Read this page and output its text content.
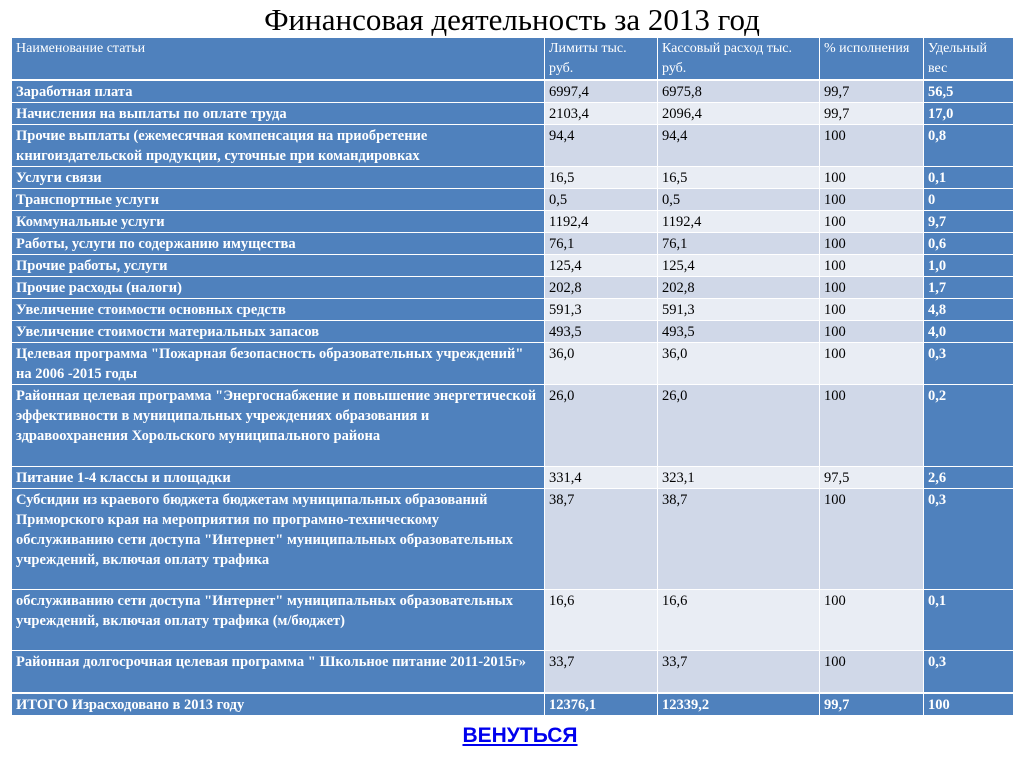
Финансовая деятельность за 2013 год
Наименование статьи	Лимиты тыс. руб.	Кассовый расход тыс. руб.	% исполнения	Удельный вес
Заработная плата	6997,4	6975,8	99,7	56,5
Начисления на выплаты по оплате труда	2103,4	2096,4	99,7	17,0
Прочие выплаты (ежемесячная компенсация на приобретение книгоиздательской продукции, суточные при командировках	94,4	94,4	100	0,8
Услуги связи	16,5	16,5	100	0,1
Транспортные услуги	0,5	0,5	100	0
Коммунальные услуги	1192,4	1192,4	100	9,7
Работы, услуги по содержанию имущества	76,1	76,1	100	0,6
Прочие работы, услуги	125,4	125,4	100	1,0
Прочие расходы (налоги)	202,8	202,8	100	1,7
Увеличение стоимости основных средств	591,3	591,3	100	4,8
Увеличение стоимости материальных запасов	493,5	493,5	100	4,0
Целевая программа "Пожарная безопасность образовательных учреждений" на 2006 -2015 годы	36,0	36,0	100	0,3
Районная целевая программа "Энергоснабжение и повышение энергетической эффективности в муниципальных учреждениях образования и здравоохранения Хорольского муниципального района	26,0	26,0	100	0,2
Питание 1-4 классы и площадки	331,4	323,1	97,5	2,6
Субсидии из краевого бюджета бюджетам муниципальных образований Приморского края на мероприятия по програмно-техническому обслуживанию сети доступа "Интернет" муниципальных образовательных учреждений, включая оплату трафика	38,7	38,7	100	0,3
обслуживанию сети доступа "Интернет" муниципальных образовательных учреждений, включая оплату трафика (м/бюджет)	16,6	16,6	100	0,1
Районная долгосрочная целевая программа " Школьное питание 2011-2015г»	33,7	33,7	100	0,3
ИТОГО Израсходовано в 2013 году	12376,1	12339,2	99,7	100
ВЕНУТЬСЯ
